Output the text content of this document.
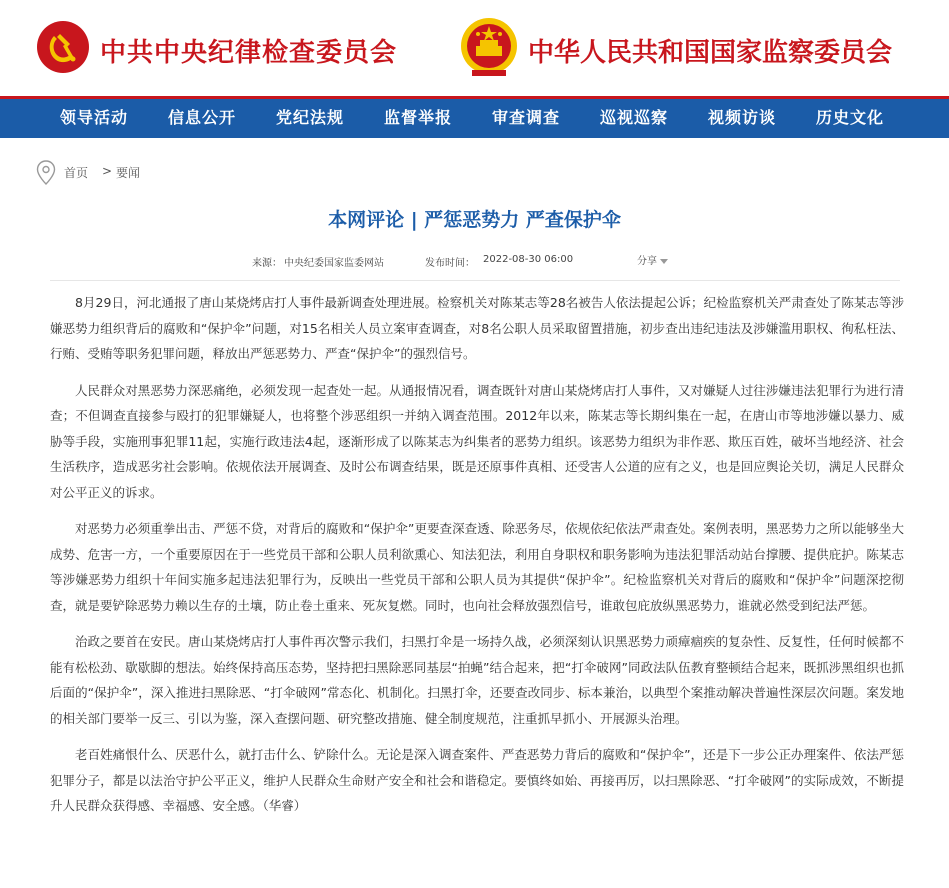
中共中央纪律检查委员会	中华人民共和国国家监察委员会
领导活动 信息公开 党纪法规 监督举报 审查调查 巡视巡察 视频访谈 历史文化
首页 > 要闻
本网评论 | 严惩恶势力 严查保护伞
来源： 中央纪委国家监委网站	发布时间： 2022-08-30 06:00	分享

8月29日，河北通报了唐山某烧烤店打人事件最新调查处理进展。检察机关对陈某志等28名被告人依法提起公诉；纪检监察机关严肃查处了陈某志等涉嫌恶势力组织背后的腐败和“保护伞”问题，对15名相关人员立案审查调查，对8名公职人员采取留置措施，初步查出违纪违法及涉嫌滥用职权、徇私枉法、行贿、受贿等职务犯罪问题，释放出严惩恶势力、严查“保护伞”的强烈信号。

人民群众对黑恶势力深恶痛绝，必须发现一起查处一起。从通报情况看，调查既针对唐山某烧烤店打人事件，又对嫌疑人过往涉嫌违法犯罪行为进行清查；不但调查直接参与殴打的犯罪嫌疑人，也将整个涉恶组织一并纳入调查范围。2012年以来，陈某志等长期纠集在一起，在唐山市等地涉嫌以暴力、威胁等手段，实施刑事犯罪11起，实施行政违法4起，逐渐形成了以陈某志为纠集者的恶势力组织。该恶势力组织为非作恶、欺压百姓，破坏当地经济、社会生活秩序，造成恶劣社会影响。依规依法开展调查、及时公布调查结果，既是还原事件真相、还受害人公道的应有之义，也是回应舆论关切，满足人民群众对公平正义的诉求。

对恶势力必须重拳出击、严惩不贷，对背后的腐败和“保护伞”更要查深查透、除恶务尽，依规依纪依法严肃查处。案例表明，黑恶势力之所以能够坐大成势、危害一方，一个重要原因在于一些党员干部和公职人员利欲熏心、知法犯法，利用自身职权和职务影响为违法犯罪活动站台撑腰、提供庇护。陈某志等涉嫌恶势力组织十年间实施多起违法犯罪行为，反映出一些党员干部和公职人员为其提供“保护伞”。纪检监察机关对背后的腐败和“保护伞”问题深挖彻查，就是要铲除恶势力赖以生存的土壤，防止卷土重来、死灰复燃。同时，也向社会释放强烈信号，谁敢包庇放纵黑恶势力，谁就必然受到纪法严惩。

治政之要首在安民。唐山某烧烤店打人事件再次警示我们，扫黑打伞是一场持久战，必须深刻认识黑恶势力顽瘴痼疾的复杂性、反复性，任何时候都不能有松松劲、歇歇脚的想法。始终保持高压态势，坚持把扫黑除恶同基层“拍蝇”结合起来，把“打伞破网”同政法队伍教育整顿结合起来，既抓涉黑组织也抓后面的“保护伞”，深入推进扫黑除恶、“打伞破网”常态化、机制化。扫黑打伞，还要查改同步、标本兼治，以典型个案推动解决普遍性深层次问题。案发地的相关部门要举一反三、引以为鉴，深入查摆问题、研究整改措施、健全制度规范，注重抓早抓小、开展源头治理。

老百姓痛恨什么、厌恶什么，就打击什么、铲除什么。无论是深入调查案件、严查恶势力背后的腐败和“保护伞”，还是下一步公正办理案件、依法严惩犯罪分子，都是以法治守护公平正义，维护人民群众生命财产安全和社会和谐稳定。要慎终如始、再接再厉，以扫黑除恶、“打伞破网”的实际成效，不断提升人民群众获得感、幸福感、安全感。（华睿）
